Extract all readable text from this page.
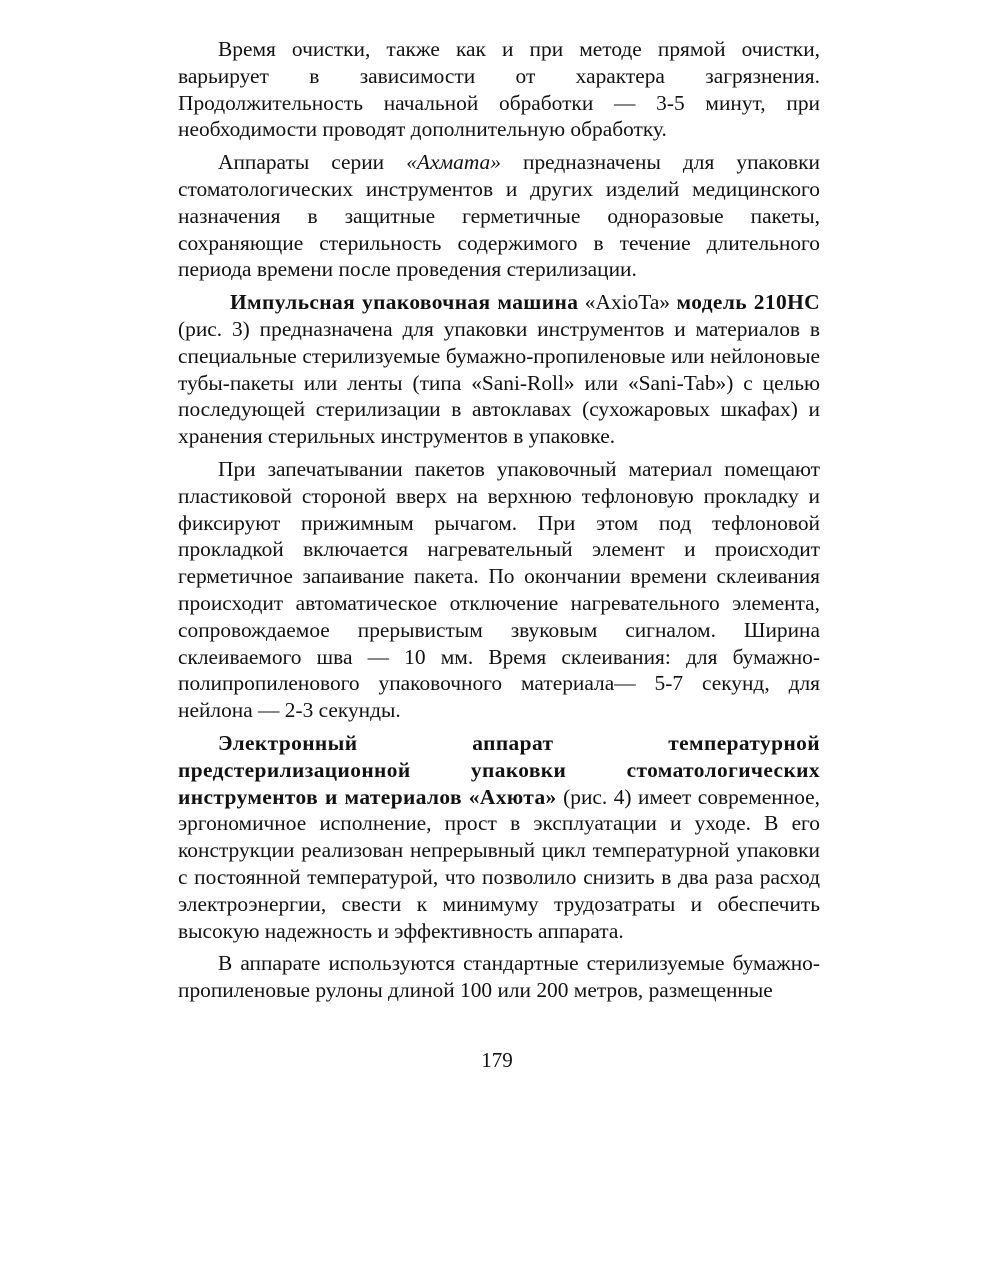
Время очистки, также как и при методе прямой очистки, варьирует в зависимости от характера загрязнения. Продолжительность начальной обработки — 3-5 минут, при необходимости проводят дополнительную обработку.

Аппараты серии «Ахмата» предназначены для упаковки стоматологических инструментов и других изделий медицинского назначения в защитные герметичные одноразовые пакеты, сохраняющие стерильность содержимого в течение длительного периода времени после проведения стерилизации.

Импульсная упаковочная машина «AxioTa» модель 210HC (рис. 3) предназначена для упаковки инструментов и материалов в специальные стерилизуемые бумажно-пропиленовые или нейлоновые тубы-пакеты или ленты (типа «Sani-Roll» или «Sani-Tab») с целью последующей стерилизации в автоклавах (сухожаровых шкафах) и хранения стерильных инструментов в упаковке.

При запечатывании пакетов упаковочный материал помещают пластиковой стороной вверх на верхнюю тефлоновую прокладку и фиксируют прижимным рычагом. При этом под тефлоновой прокладкой включается нагревательный элемент и происходит герметичное запаивание пакета. По окончании времени склеивания происходит автоматическое отключение нагревательного элемента, сопровождаемое прерывистым звуковым сигналом. Ширина склеиваемого шва — 10 мм. Время склеивания: для бумажно-полипропиленового упаковочного материала— 5-7 секунд, для нейлона — 2-3 секунды.

Электронный аппарат температурной предстерилизационной упаковки стоматологических инструментов и материалов «Ахюта» (рис. 4) имеет современное, эргономичное исполнение, прост в эксплуатации и уходе. В его конструкции реализован непрерывный цикл температурной упаковки с постоянной температурой, что позволило снизить в два раза расход электроэнергии, свести к минимуму трудозатраты и обеспечить высокую надежность и эффективность аппарата.

В аппарате используются стандартные стерилизуемые бумажно-пропиленовые рулоны длиной 100 или 200 метров, размещенные

179
